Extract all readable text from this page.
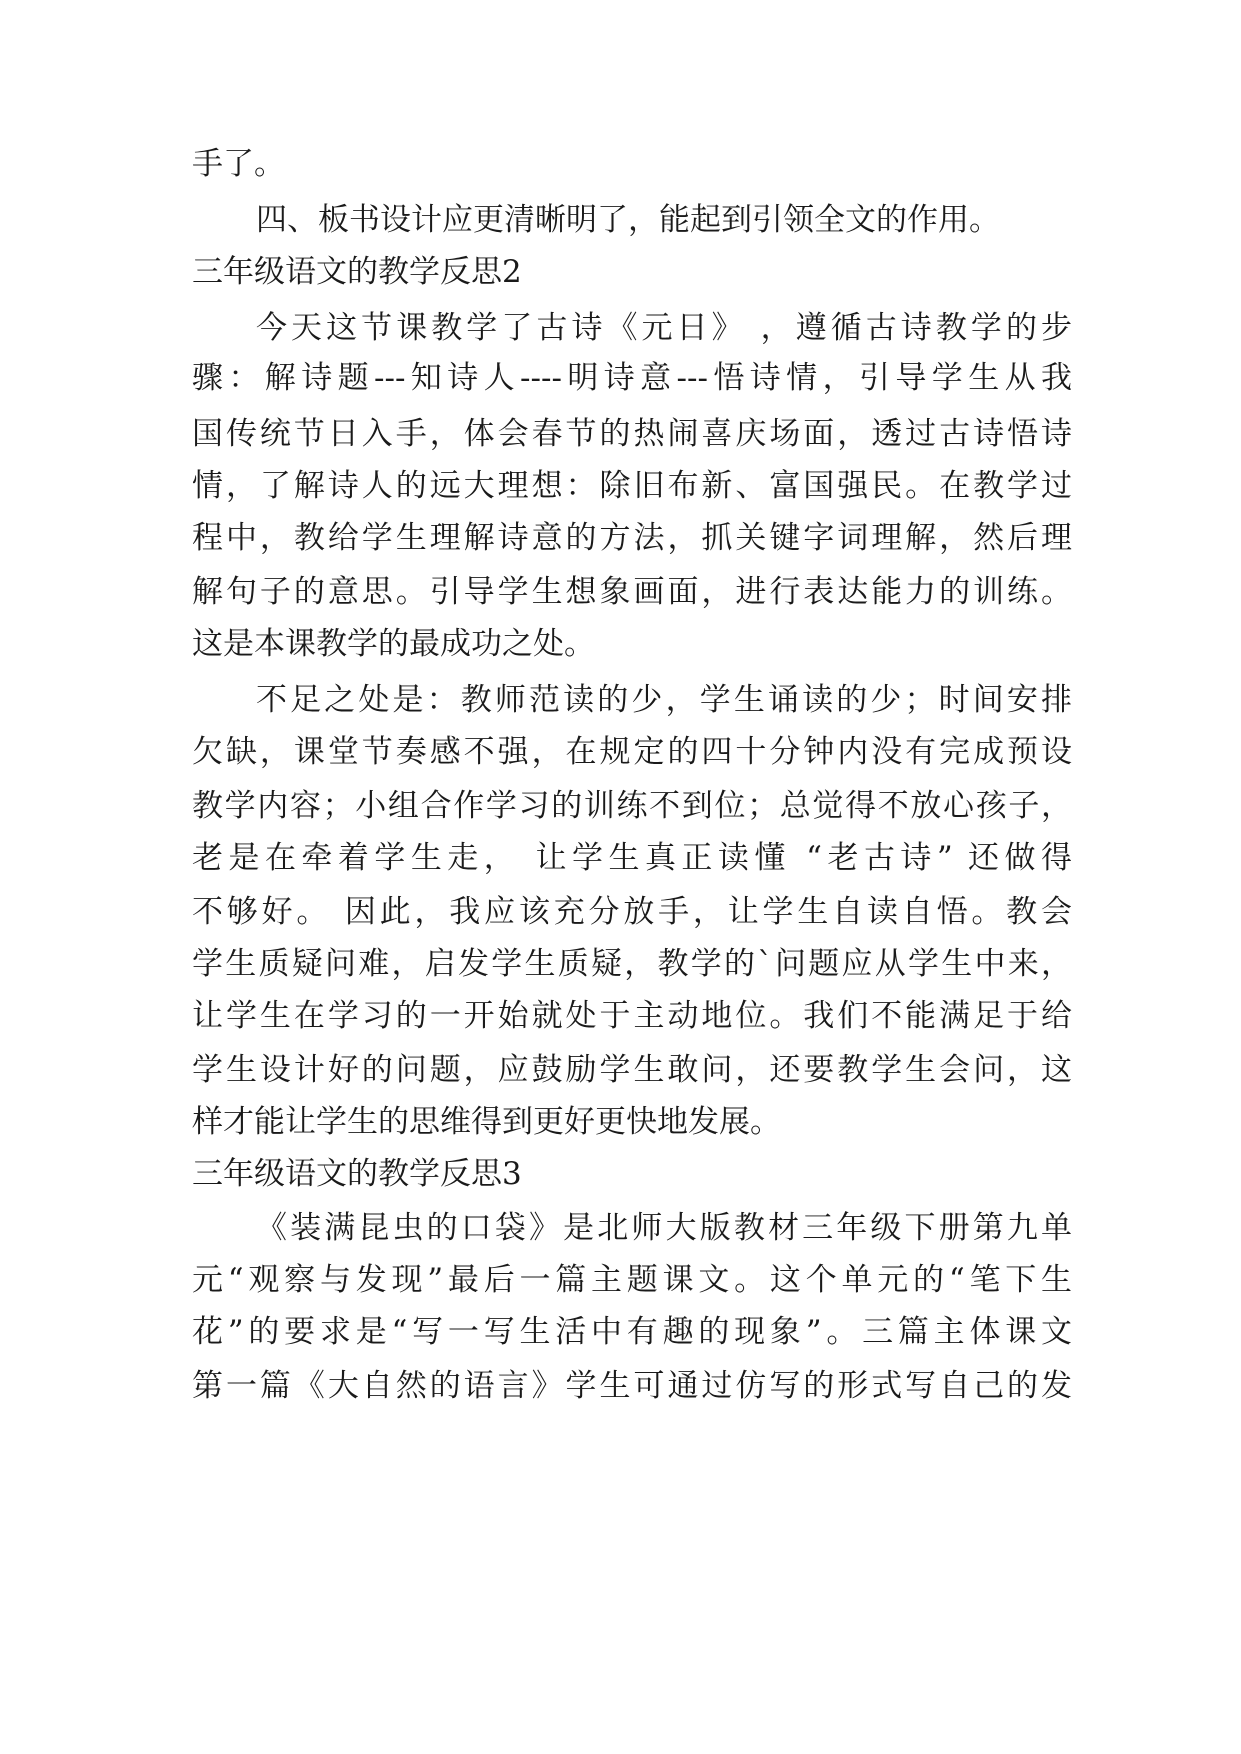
手了。
四、板书设计应更清晰明了，能起到引领全文的作用。
三年级语文的教学反思2
今天这节课教学了古诗《元日》 ，遵循古诗教学的步
骤：解诗题---知诗人----明诗意---悟诗情，引导学生从我
国传统节日入手，体会春节的热闹喜庆场面，透过古诗悟诗
情，了解诗人的远大理想：除旧布新、富国强民。在教学过
程中，教给学生理解诗意的方法，抓关键字词理解，然后理
解句子的意思。引导学生想象画面，进行表达能力的训练。
这是本课教学的最成功之处。
不足之处是：教师范读的少，学生诵读的少；时间安排
欠缺，课堂节奏感不强，在规定的四十分钟内没有完成预设
教学内容；小组合作学习的训练不到位；总觉得不放心孩子，
老是在牵着学生走， 让学生真正读懂 “老古诗” 还做得
不够好。 因此，我应该充分放手，让学生自读自悟。教会
学生质疑问难，启发学生质疑，教学的`问题应从学生中来，
让学生在学习的一开始就处于主动地位。我们不能满足于给
学生设计好的问题，应鼓励学生敢问，还要教学生会问，这
样才能让学生的思维得到更好更快地发展。
三年级语文的教学反思3
《装满昆虫的口袋》是北师大版教材三年级下册第九单
元“观察与发现”最后一篇主题课文。这个单元的“笔下生
花”的要求是“写一写生活中有趣的现象”。三篇主体课文
第一篇《大自然的语言》学生可通过仿写的形式写自己的发
